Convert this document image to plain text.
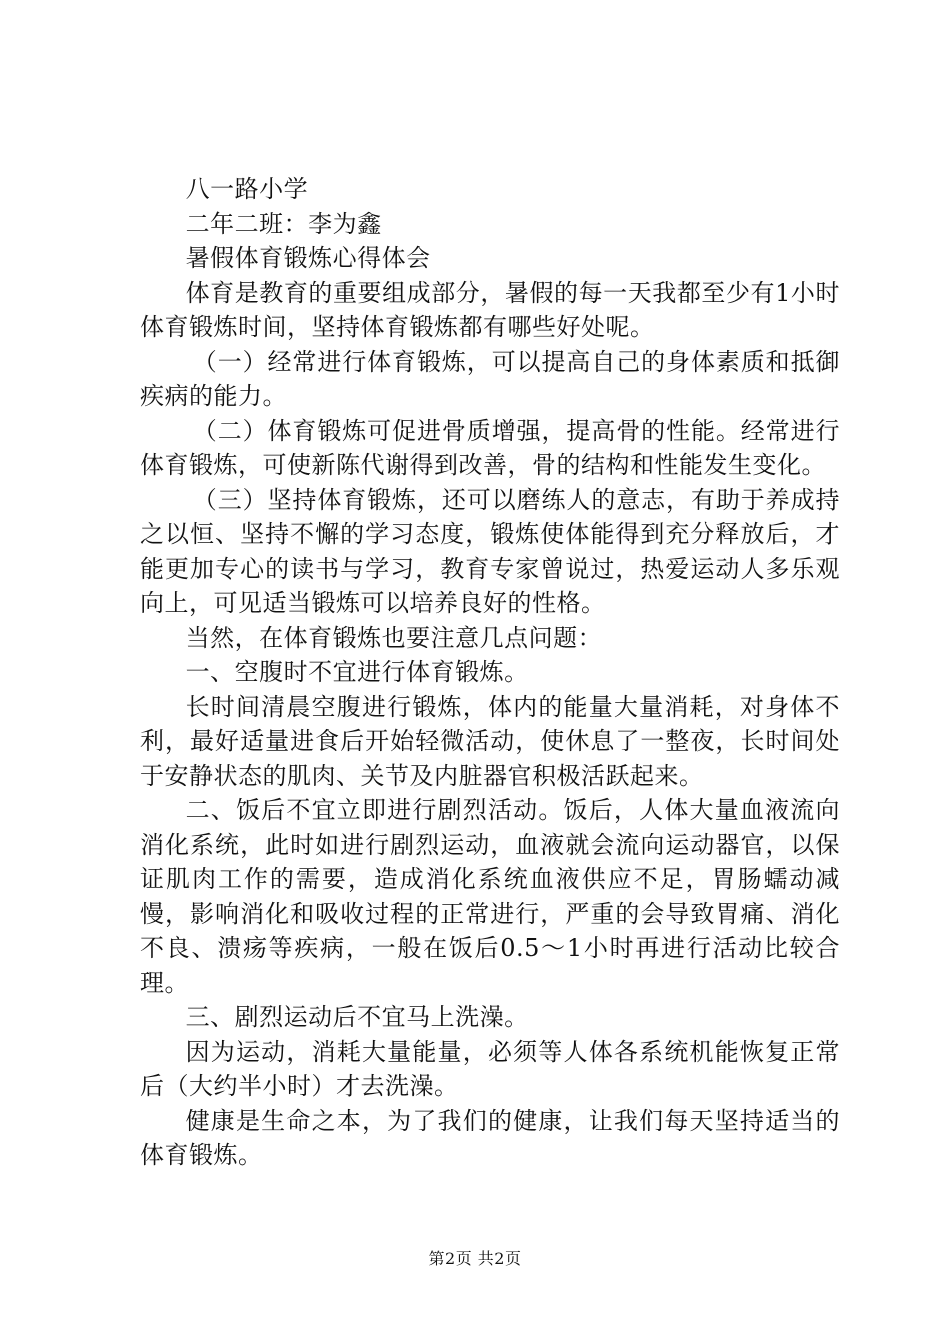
八一路小学

二年二班：李为鑫

暑假体育锻炼心得体会

体育是教育的重要组成部分，暑假的每一天我都至少有1小时体育锻炼时间，坚持体育锻炼都有哪些好处呢。

（一）经常进行体育锻炼，可以提高自己的身体素质和抵御疾病的能力。

（二）体育锻炼可促进骨质增强，提高骨的性能。经常进行体育锻炼，可使新陈代谢得到改善，骨的结构和性能发生变化。

（三）坚持体育锻炼，还可以磨练人的意志，有助于养成持之以恒、坚持不懈的学习态度，锻炼使体能得到充分释放后，才能更加专心的读书与学习，教育专家曾说过，热爱运动人多乐观向上，可见适当锻炼可以培养良好的性格。

当然，在体育锻炼也要注意几点问题：

一、空腹时不宜进行体育锻炼。

长时间清晨空腹进行锻炼，体内的能量大量消耗，对身体不利，最好适量进食后开始轻微活动，使休息了一整夜，长时间处于安静状态的肌肉、关节及内脏器官积极活跃起来。

二、饭后不宜立即进行剧烈活动。饭后，人体大量血液流向消化系统，此时如进行剧烈运动，血液就会流向运动器官，以保证肌肉工作的需要，造成消化系统血液供应不足，胃肠蠕动减慢，影响消化和吸收过程的正常进行，严重的会导致胃痛、消化不良、溃疡等疾病，一般在饭后0.5～1小时再进行活动比较合理。

三、剧烈运动后不宜马上洗澡。

因为运动，消耗大量能量，必须等人体各系统机能恢复正常后（大约半小时）才去洗澡。

健康是生命之本，为了我们的健康，让我们每天坚持适当的体育锻炼。

第2页 共2页
